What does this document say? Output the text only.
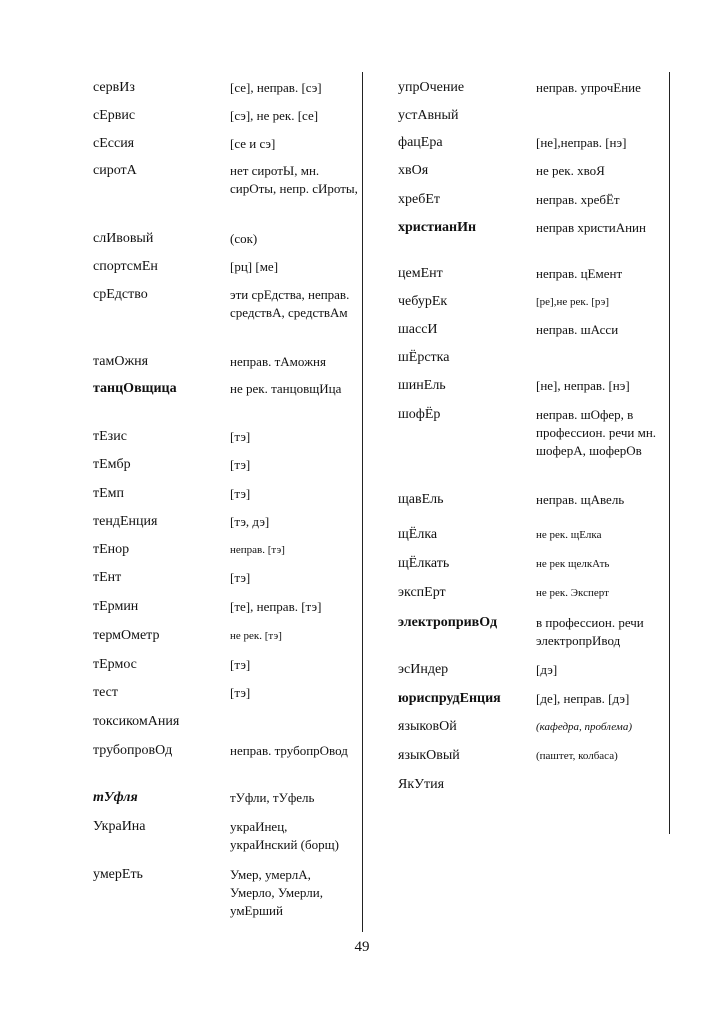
сервИз	[се], неправ. [сэ]
сЕрвис	[сэ], не рек. [се]
сЕссия	[се и сэ]
сиротА	нет сиротЫ, мн. сирОты, непр. сИроты,
слИвовый	(сок)
спортсмЕн	[рц] [ме]
срЕдство	эти срЕдства, неправ. средствА, средствАм
тамОжня	неправ. тАможня
танцОвщица	не рек. танцовщИца
тЕзис	[тэ]
тЕмбр	[тэ]
тЕмп	[тэ]
тендЕнция	[тэ, дэ]
тЕнор	неправ. [тэ]
тЕнт	[тэ]
тЕрмин	[те], неправ. [тэ]
термОметр	не рек. [тэ]
тЕрмос	[тэ]
тест	[тэ]
токсикомАния
трубопровОд	неправ. трубопрОвод
тУфля	тУфли, тУфель
УкраИна	украИнец, украИнский (борщ)
умерЕть	Умер, умерлА, Умерло, Умерли, умЕрший
упрОчение	неправ. упрочЕние
устАвный
фацЕра	[не],неправ. [нэ]
хвОя	не рек. хвоЯ
хребЕт	неправ. хребЁт
христианИн	неправ христиАнин
цемЕнт	неправ. цЕмент
чебурЕк	[ре],не рек. [рэ]
шассИ	неправ. шАсси
шЁрстка
шинЕль	[не], неправ. [нэ]
шофЁр	неправ. шОфер, в профессион. речи мн. шоферА, шоферОв
щавЕль	неправ. щАвель
щЁлка	не рек. щЕлка
щЁлкать	не рек щелкАть
экспЕрт	не рек. Эксперт
электропривОд	в профессион. речи электропрИвод
эсИндер	[дэ]
юриспрудЕнция	[де], неправ. [дэ]
языковОй	(кафедра, проблема)
языкОвый	(паштет, колбаса)
ЯкУтия
49
